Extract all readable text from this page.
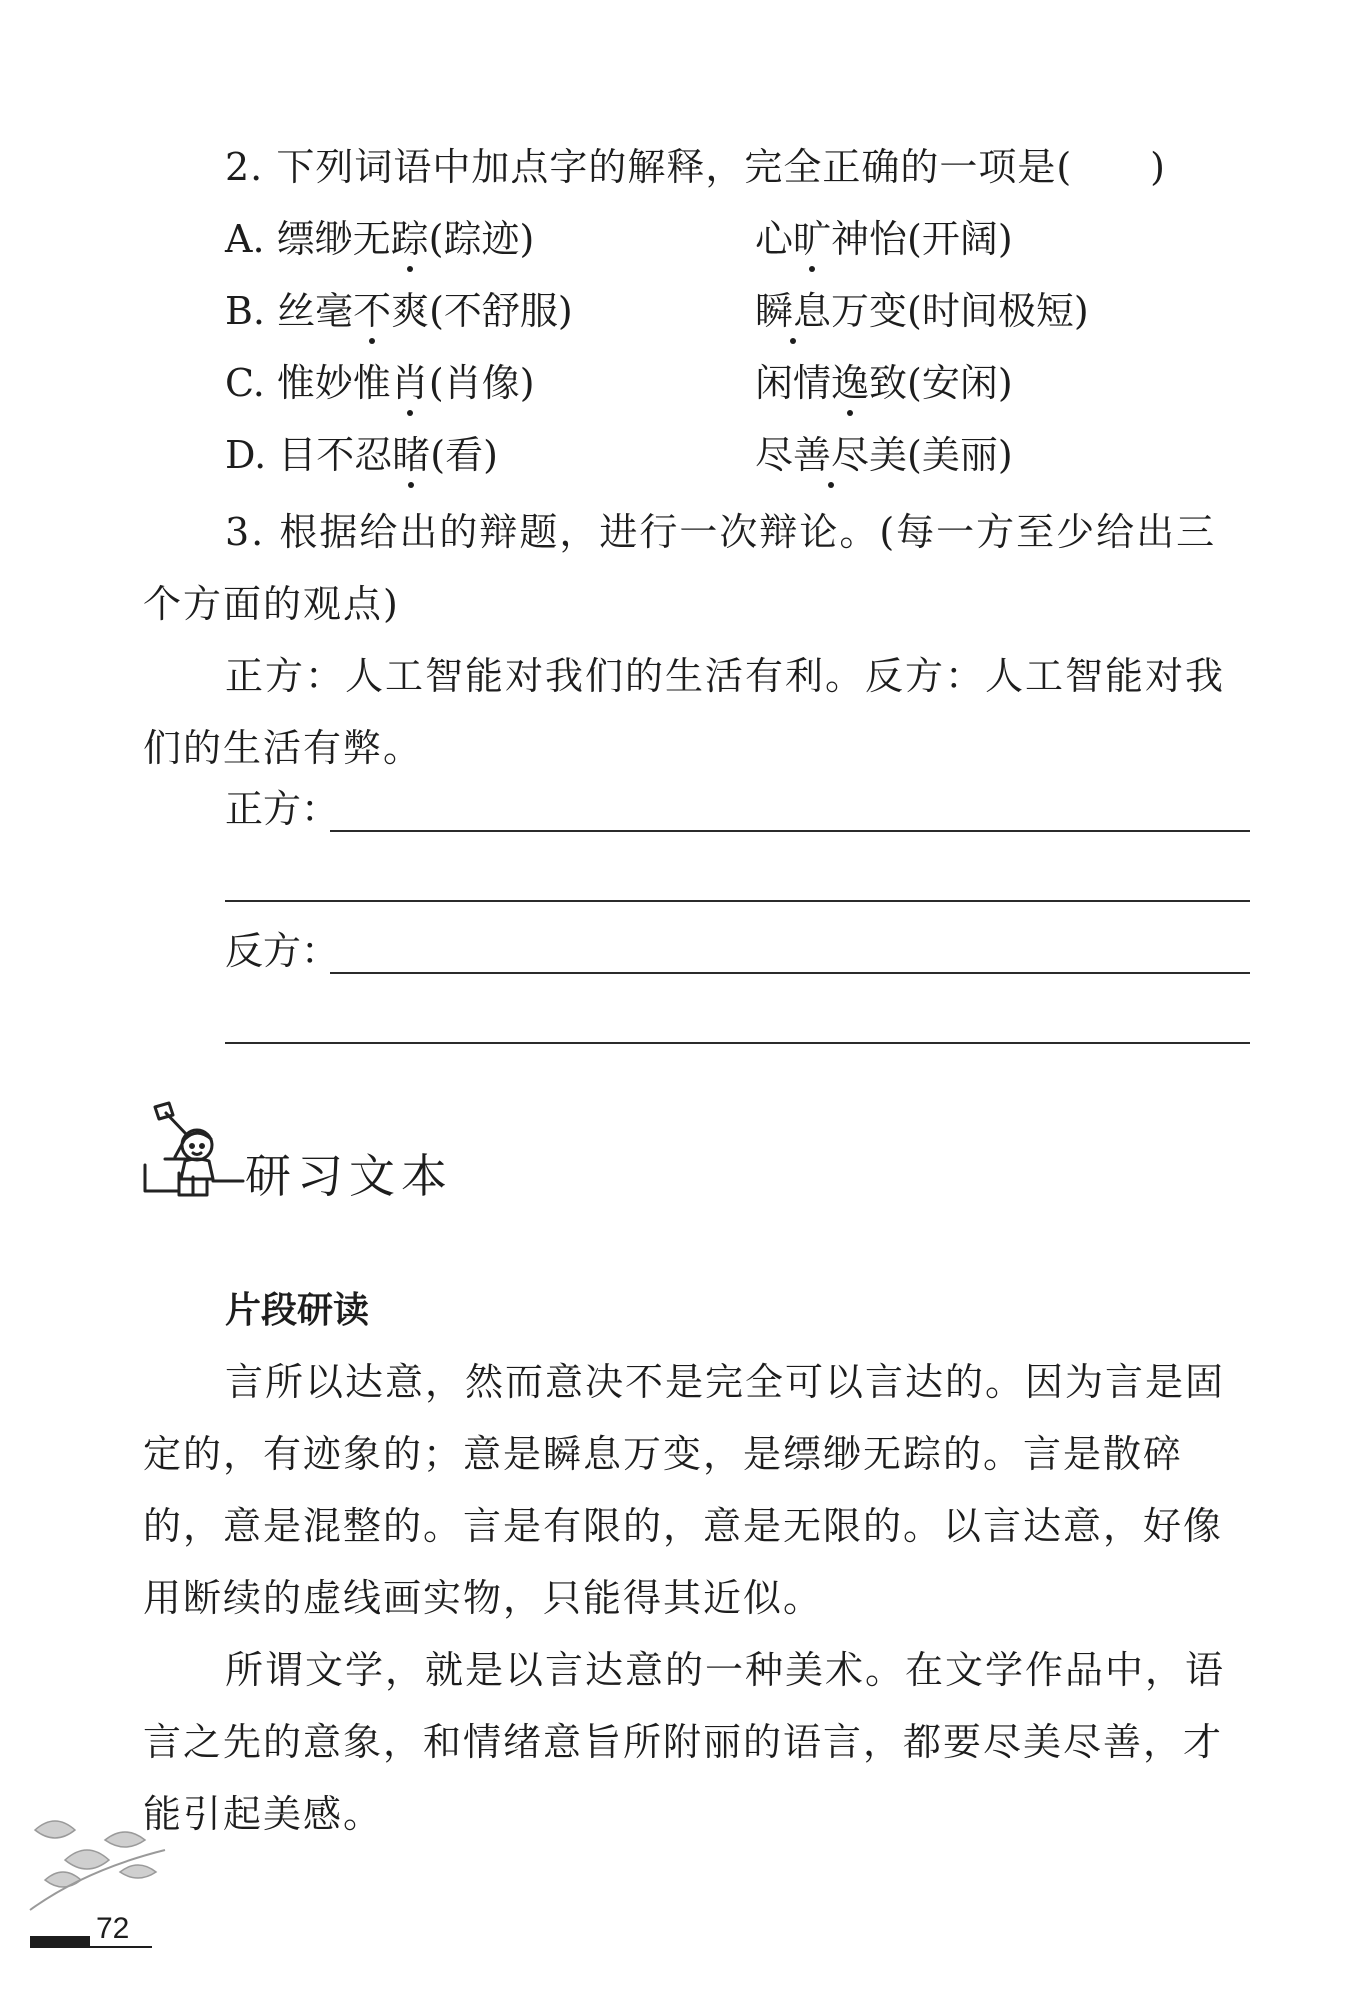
2. 下列词语中加点字的解释，完全正确的一项是(　　)
A. 缥缈无踪(踪迹)	心旷神怡(开阔)
B. 丝毫不爽(不舒服)	瞬息万变(时间极短)
C. 惟妙惟肖(肖像)	闲情逸致(安闲)
D. 目不忍睹(看)	尽善尽美(美丽)
3. 根据给出的辩题，进行一次辩论。(每一方至少给出三个方面的观点)
正方：人工智能对我们的生活有利。反方：人工智能对我们的生活有弊。
正方：
反方：
研习文本
片段研读
言所以达意，然而意决不是完全可以言达的。因为言是固定的，有迹象的；意是瞬息万变，是缥缈无踪的。言是散碎的，意是混整的。言是有限的，意是无限的。以言达意，好像用断续的虚线画实物，只能得其近似。
所谓文学，就是以言达意的一种美术。在文学作品中，语言之先的意象，和情绪意旨所附丽的语言，都要尽美尽善，才能引起美感。
72
